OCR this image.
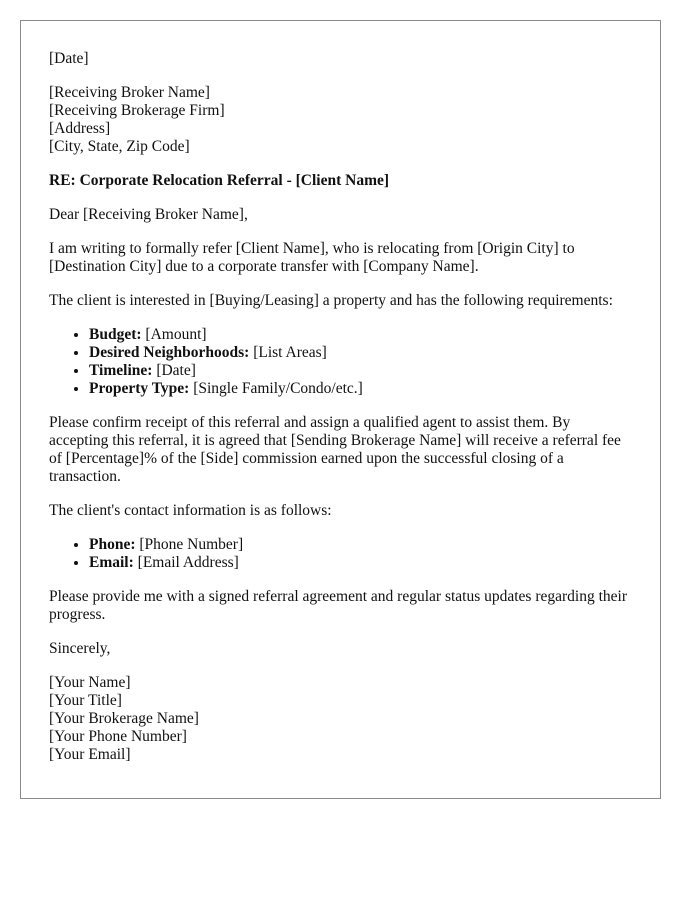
[Date]

[Receiving Broker Name]
[Receiving Brokerage Firm]
[Address]
[City, State, Zip Code]

RE: Corporate Relocation Referral - [Client Name]

Dear [Receiving Broker Name],

I am writing to formally refer [Client Name], who is relocating from [Origin City] to [Destination City] due to a corporate transfer with [Company Name].

The client is interested in [Buying/Leasing] a property and has the following requirements:

• Budget: [Amount]
• Desired Neighborhoods: [List Areas]
• Timeline: [Date]
• Property Type: [Single Family/Condo/etc.]

Please confirm receipt of this referral and assign a qualified agent to assist them. By accepting this referral, it is agreed that [Sending Brokerage Name] will receive a referral fee of [Percentage]% of the [Side] commission earned upon the successful closing of a transaction.

The client's contact information is as follows:

• Phone: [Phone Number]
• Email: [Email Address]

Please provide me with a signed referral agreement and regular status updates regarding their progress.

Sincerely,

[Your Name]
[Your Title]
[Your Brokerage Name]
[Your Phone Number]
[Your Email]
